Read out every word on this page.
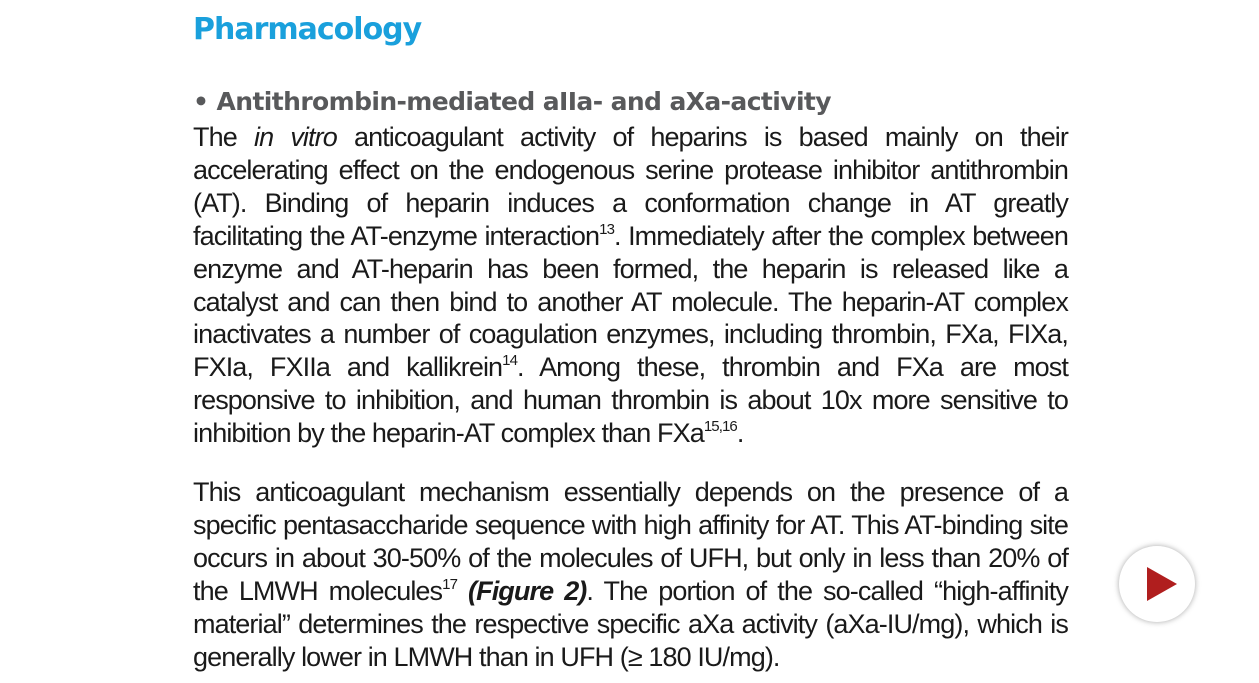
Pharmacology
• Antithrombin-mediated aIIa- and aXa-activity

The in vitro anticoagulant activity of heparins is based mainly on their accelerating effect on the endogenous serine protease inhibitor antithrombin (AT). Binding of heparin induces a conformation change in AT greatly facilitating the AT-enzyme interaction$^{13}$. Immediately after the complex between enzyme and AT-heparin has been formed, the heparin is released like a catalyst and can then bind to another AT molecule. The heparin-AT complex inactivates a number of coagulation enzymes, including thrombin, FXa, FIXa, FXIa, FXIIa and kallikrein$^{14}$. Among these, thrombin and FXa are most responsive to inhibition, and human thrombin is about 10x more sensitive to inhibition by the heparin-AT complex than FXa$^{15,16}$.

This anticoagulant mechanism essentially depends on the presence of a specific pentasaccharide sequence with high affinity for AT. This AT-binding site occurs in about 30-50% of the molecules of UFH, but only in less than 20% of the LMWH molecules$^{17}$ (Figure 2). The portion of the so-called “high-affinity material” determines the respective specific aXa activity (aXa-IU/mg), which is generally lower in LMWH than in UFH (≥ 180 IU/mg).
